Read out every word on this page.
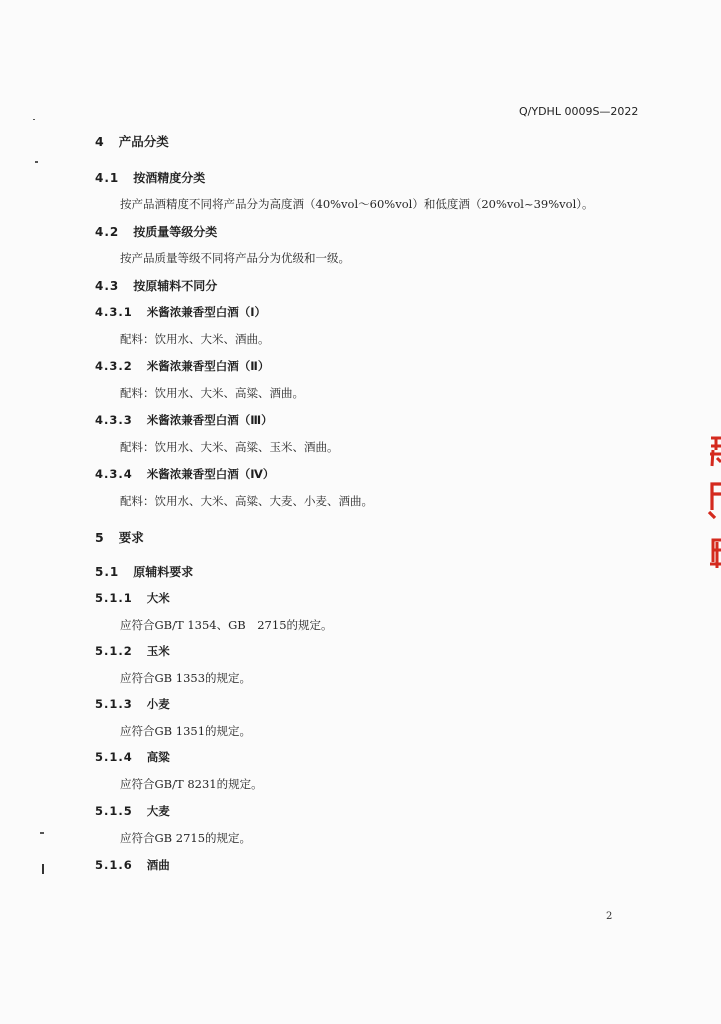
Q/YDHL 0009S—2022
4 产品分类
4.1 按酒精度分类
按产品酒精度不同将产品分为高度酒（40%vol～60%vol）和低度酒（20%vol~39%vol）。
4.2 按质量等级分类
按产品质量等级不同将产品分为优级和一级。
4.3 按原辅料不同分
4.3.1 米酱浓兼香型白酒（Ⅰ）
配料：饮用水、大米、酒曲。
4.3.2 米酱浓兼香型白酒（Ⅱ）
配料：饮用水、大米、高粱、酒曲。
4.3.3 米酱浓兼香型白酒（Ⅲ）
配料：饮用水、大米、高粱、玉米、酒曲。
4.3.4 米酱浓兼香型白酒（Ⅳ）
配料：饮用水、大米、高粱、大麦、小麦、酒曲。
5 要求
5.1 原辅料要求
5.1.1 大米
应符合GB/T 1354、GB　2715的规定。
5.1.2 玉米
应符合GB 1353的规定。
5.1.3 小麦
应符合GB 1351的规定。
5.1.4 高粱
应符合GB/T 8231的规定。
5.1.5 大麦
应符合GB 2715的规定。
5.1.6 酒曲
2
